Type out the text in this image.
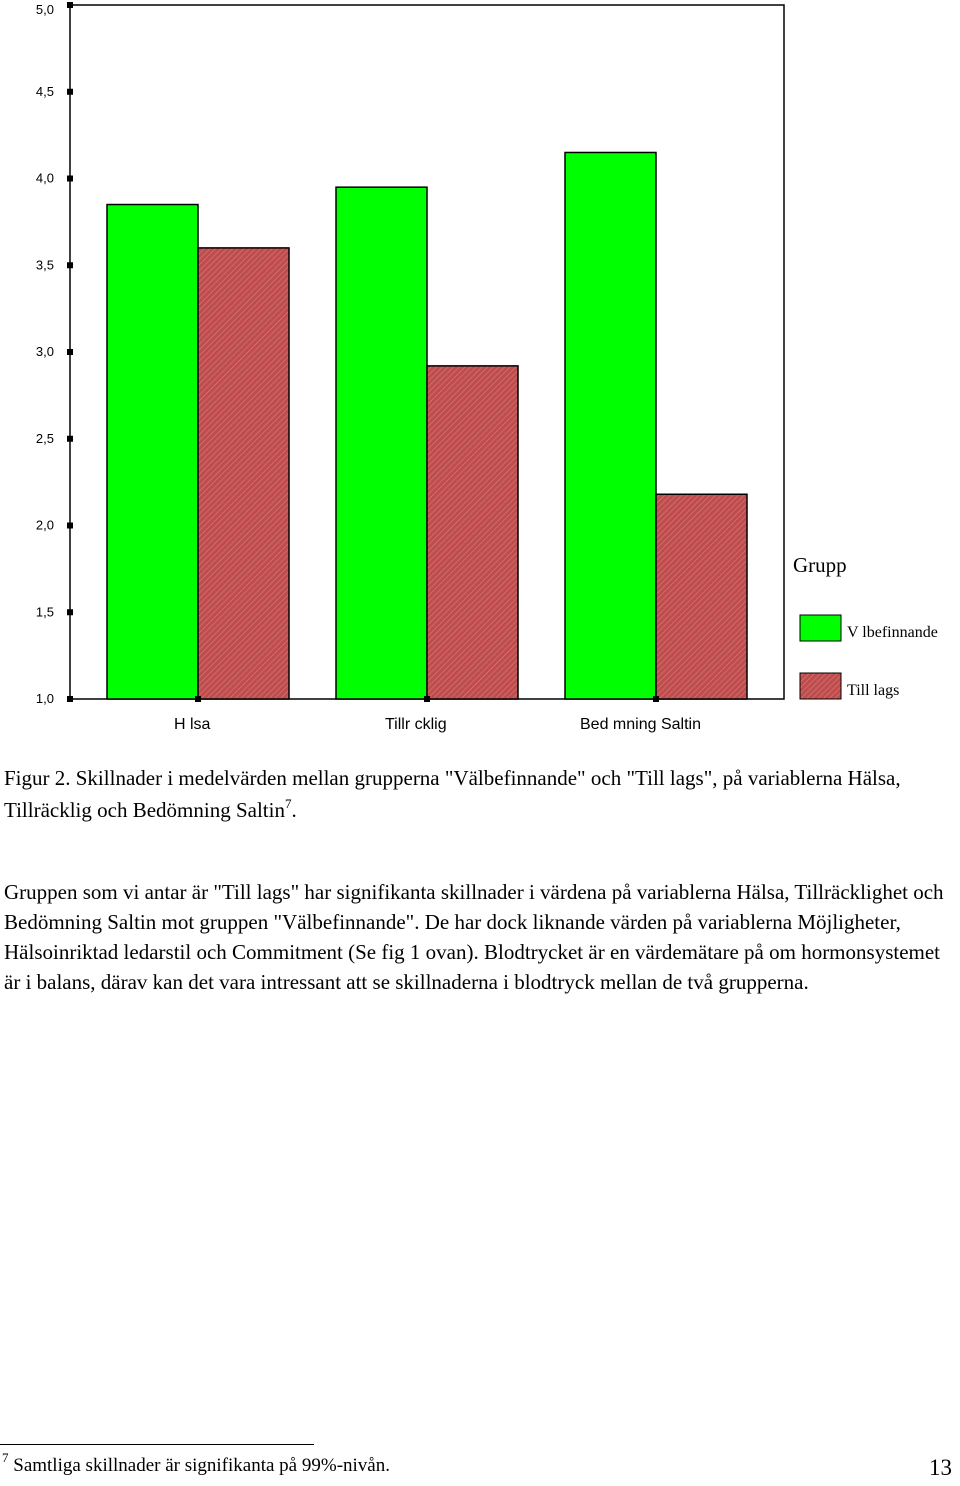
1,0
1,5
2,0
2,5
3,0
3,5
4,0
4,5
5,0
H lsa	Tillr cklig	Bed mning Saltin
Grupp
V lbefinnande
Till lags
Figur 2. Skillnader i medelvärden mellan grupperna "Välbefinnande" och "Till lags", på variablerna Hälsa, Tillräcklig och Bedömning Saltin$^7$.
Gruppen som vi antar är "Till lags" har signifikanta skillnader i värdena på variablerna Hälsa, Tillräcklighet och Bedömning Saltin mot gruppen "Välbefinnande". De har dock liknande värden på variablerna Möjligheter, Hälsoinriktad ledarstil och Commitment (Se fig 1 ovan). Blodtrycket är en värdemätare på om hormonsystemet är i balans, därav kan det vara intressant att se skillnaderna i blodtryck mellan de två grupperna.
$^7$ Samtliga skillnader är signifikanta på 99%-nivån.	13
